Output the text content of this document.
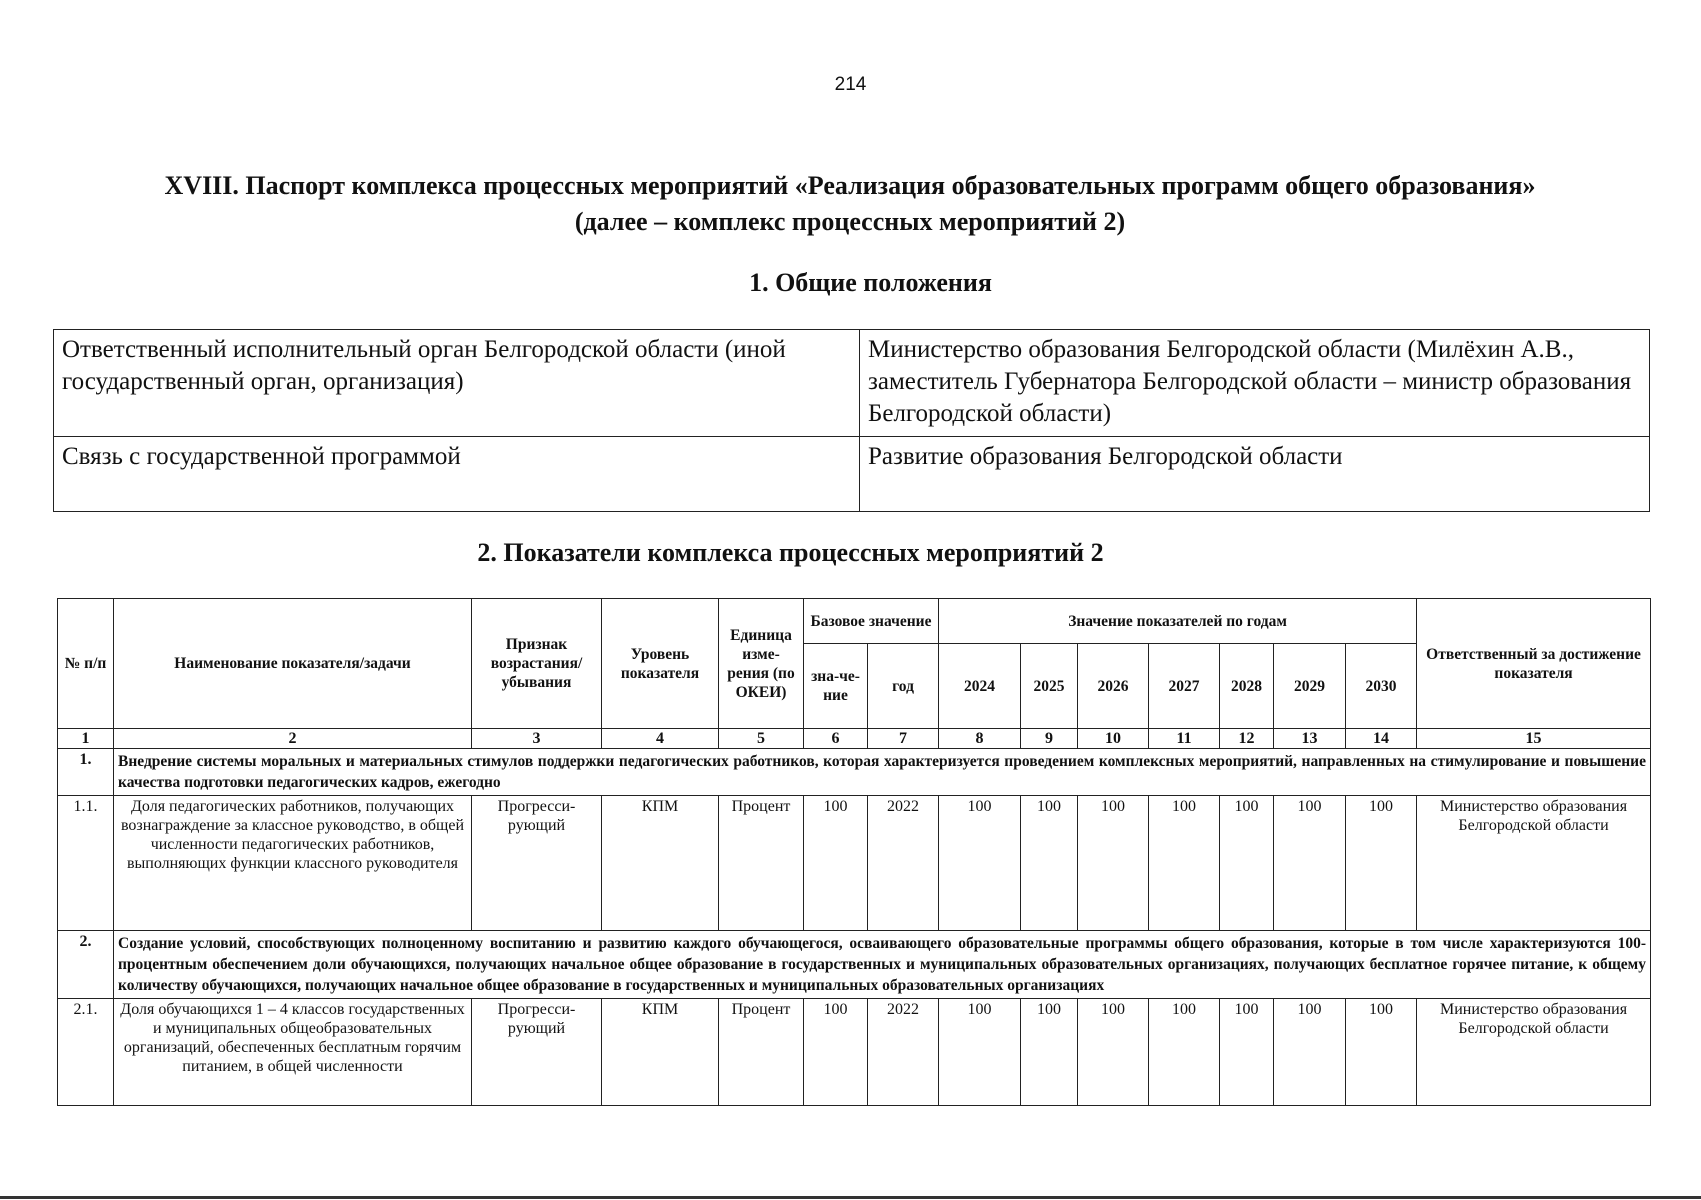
214
XVIII. Паспорт комплекса процессных мероприятий «Реализация образовательных программ общего образования»
(далее – комплекс процессных мероприятий 2)
1. Общие положения
Ответственный исполнительный орган Белгородской области (иной государственный орган, организация)	Министерство образования Белгородской области (Милёхин А.В., заместитель Губернатора Белгородской области – министр образования Белгородской области)
Связь с государственной программой	Развитие образования Белгородской области
2. Показатели комплекса процессных мероприятий 2
№ п/п	Наименование показателя/задачи	Признак возрастания/ убывания	Уровень показателя	Единица изме-рения (по ОКЕИ)	Базовое значение		Значение показателей по годам							Ответственный за достижение показателя
					зна-че-ние	год	2024	2025	2026	2027	2028	2029	2030	
1	2	3	4	5	6	7	8	9	10	11	12	13	14	15
1.	Внедрение системы моральных и материальных стимулов поддержки педагогических работников, которая характеризуется проведением комплексных мероприятий, направленных на стимулирование и повышение качества подготовки педагогических кадров, ежегодно													
1.1.	Доля педагогических работников, получающих вознаграждение за классное руководство, в общей численности педагогических работников, выполняющих функции классного руководителя	Прогресси-рующий	КПМ	Процент	100	2022	100	100	100	100	100	100	100	Министерство образования Белгородской области
2.	Создание условий, способствующих полноценному воспитанию и развитию каждого обучающегося, осваивающего образовательные программы общего образования, которые в том числе характеризуются 100-процентным обеспечением доли обучающихся, получающих начальное общее образование в государственных и муниципальных образовательных организациях, получающих бесплатное горячее питание, к общему количеству обучающихся, получающих начальное общее образование в государственных и муниципальных образовательных организациях													
2.1.	Доля обучающихся 1 – 4 классов государственных и муниципальных общеобразовательных организаций, обеспеченных бесплатным горячим питанием, в общей численности	Прогресси-рующий	КПМ	Процент	100	2022	100	100	100	100	100	100	100	Министерство образования Белгородской области
